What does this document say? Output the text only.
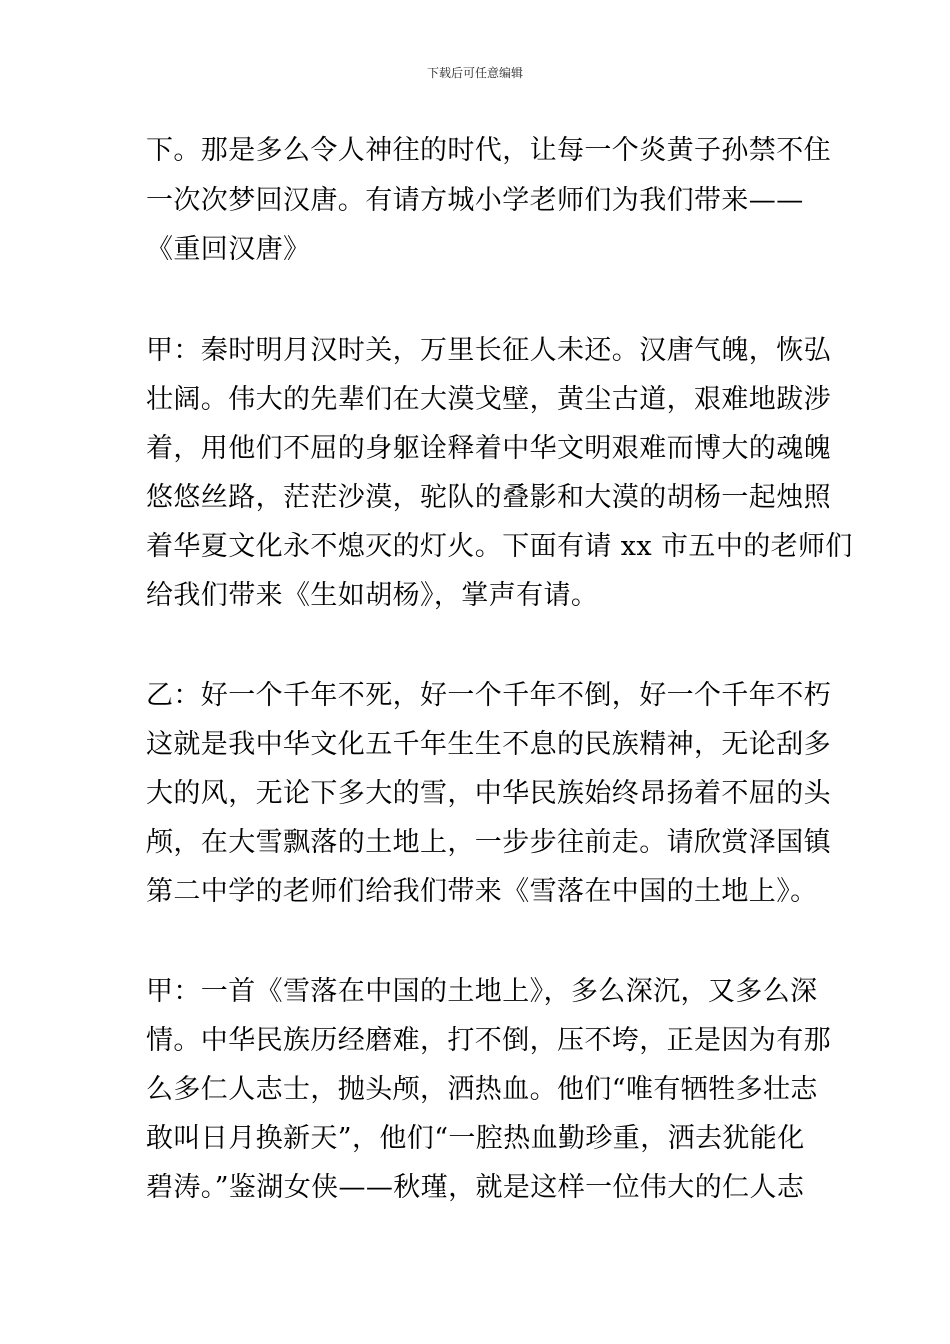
下载后可任意编辑
下。那是多么令人神往的时代，让每一个炎黄子孙禁不住
一次次梦回汉唐。有请方城小学老师们为我们带来——
《重回汉唐》
甲：秦时明月汉时关，万里长征人未还。汉唐气魄，恢弘
壮阔。伟大的先辈们在大漠戈壁，黄尘古道，艰难地跋涉
着，用他们不屈的身躯诠释着中华文明艰难而博大的魂魄
悠悠丝路，茫茫沙漠，驼队的叠影和大漠的胡杨一起烛照
着华夏文化永不熄灭的灯火。下面有请 xx 市五中的老师们
给我们带来《生如胡杨》，掌声有请。
乙：好一个千年不死，好一个千年不倒，好一个千年不朽
这就是我中华文化五千年生生不息的民族精神，无论刮多
大的风，无论下多大的雪，中华民族始终昂扬着不屈的头
颅，在大雪飘落的土地上，一步步往前走。请欣赏泽国镇
第二中学的老师们给我们带来《雪落在中国的土地上》。
甲：一首《雪落在中国的土地上》，多么深沉，又多么深
情。中华民族历经磨难，打不倒，压不垮，正是因为有那
么多仁人志士，抛头颅，洒热血。他们“唯有牺牲多壮志
敢叫日月换新天”，他们“一腔热血勤珍重，洒去犹能化
碧涛。”鉴湖女侠——秋瑾，就是这样一位伟大的仁人志
